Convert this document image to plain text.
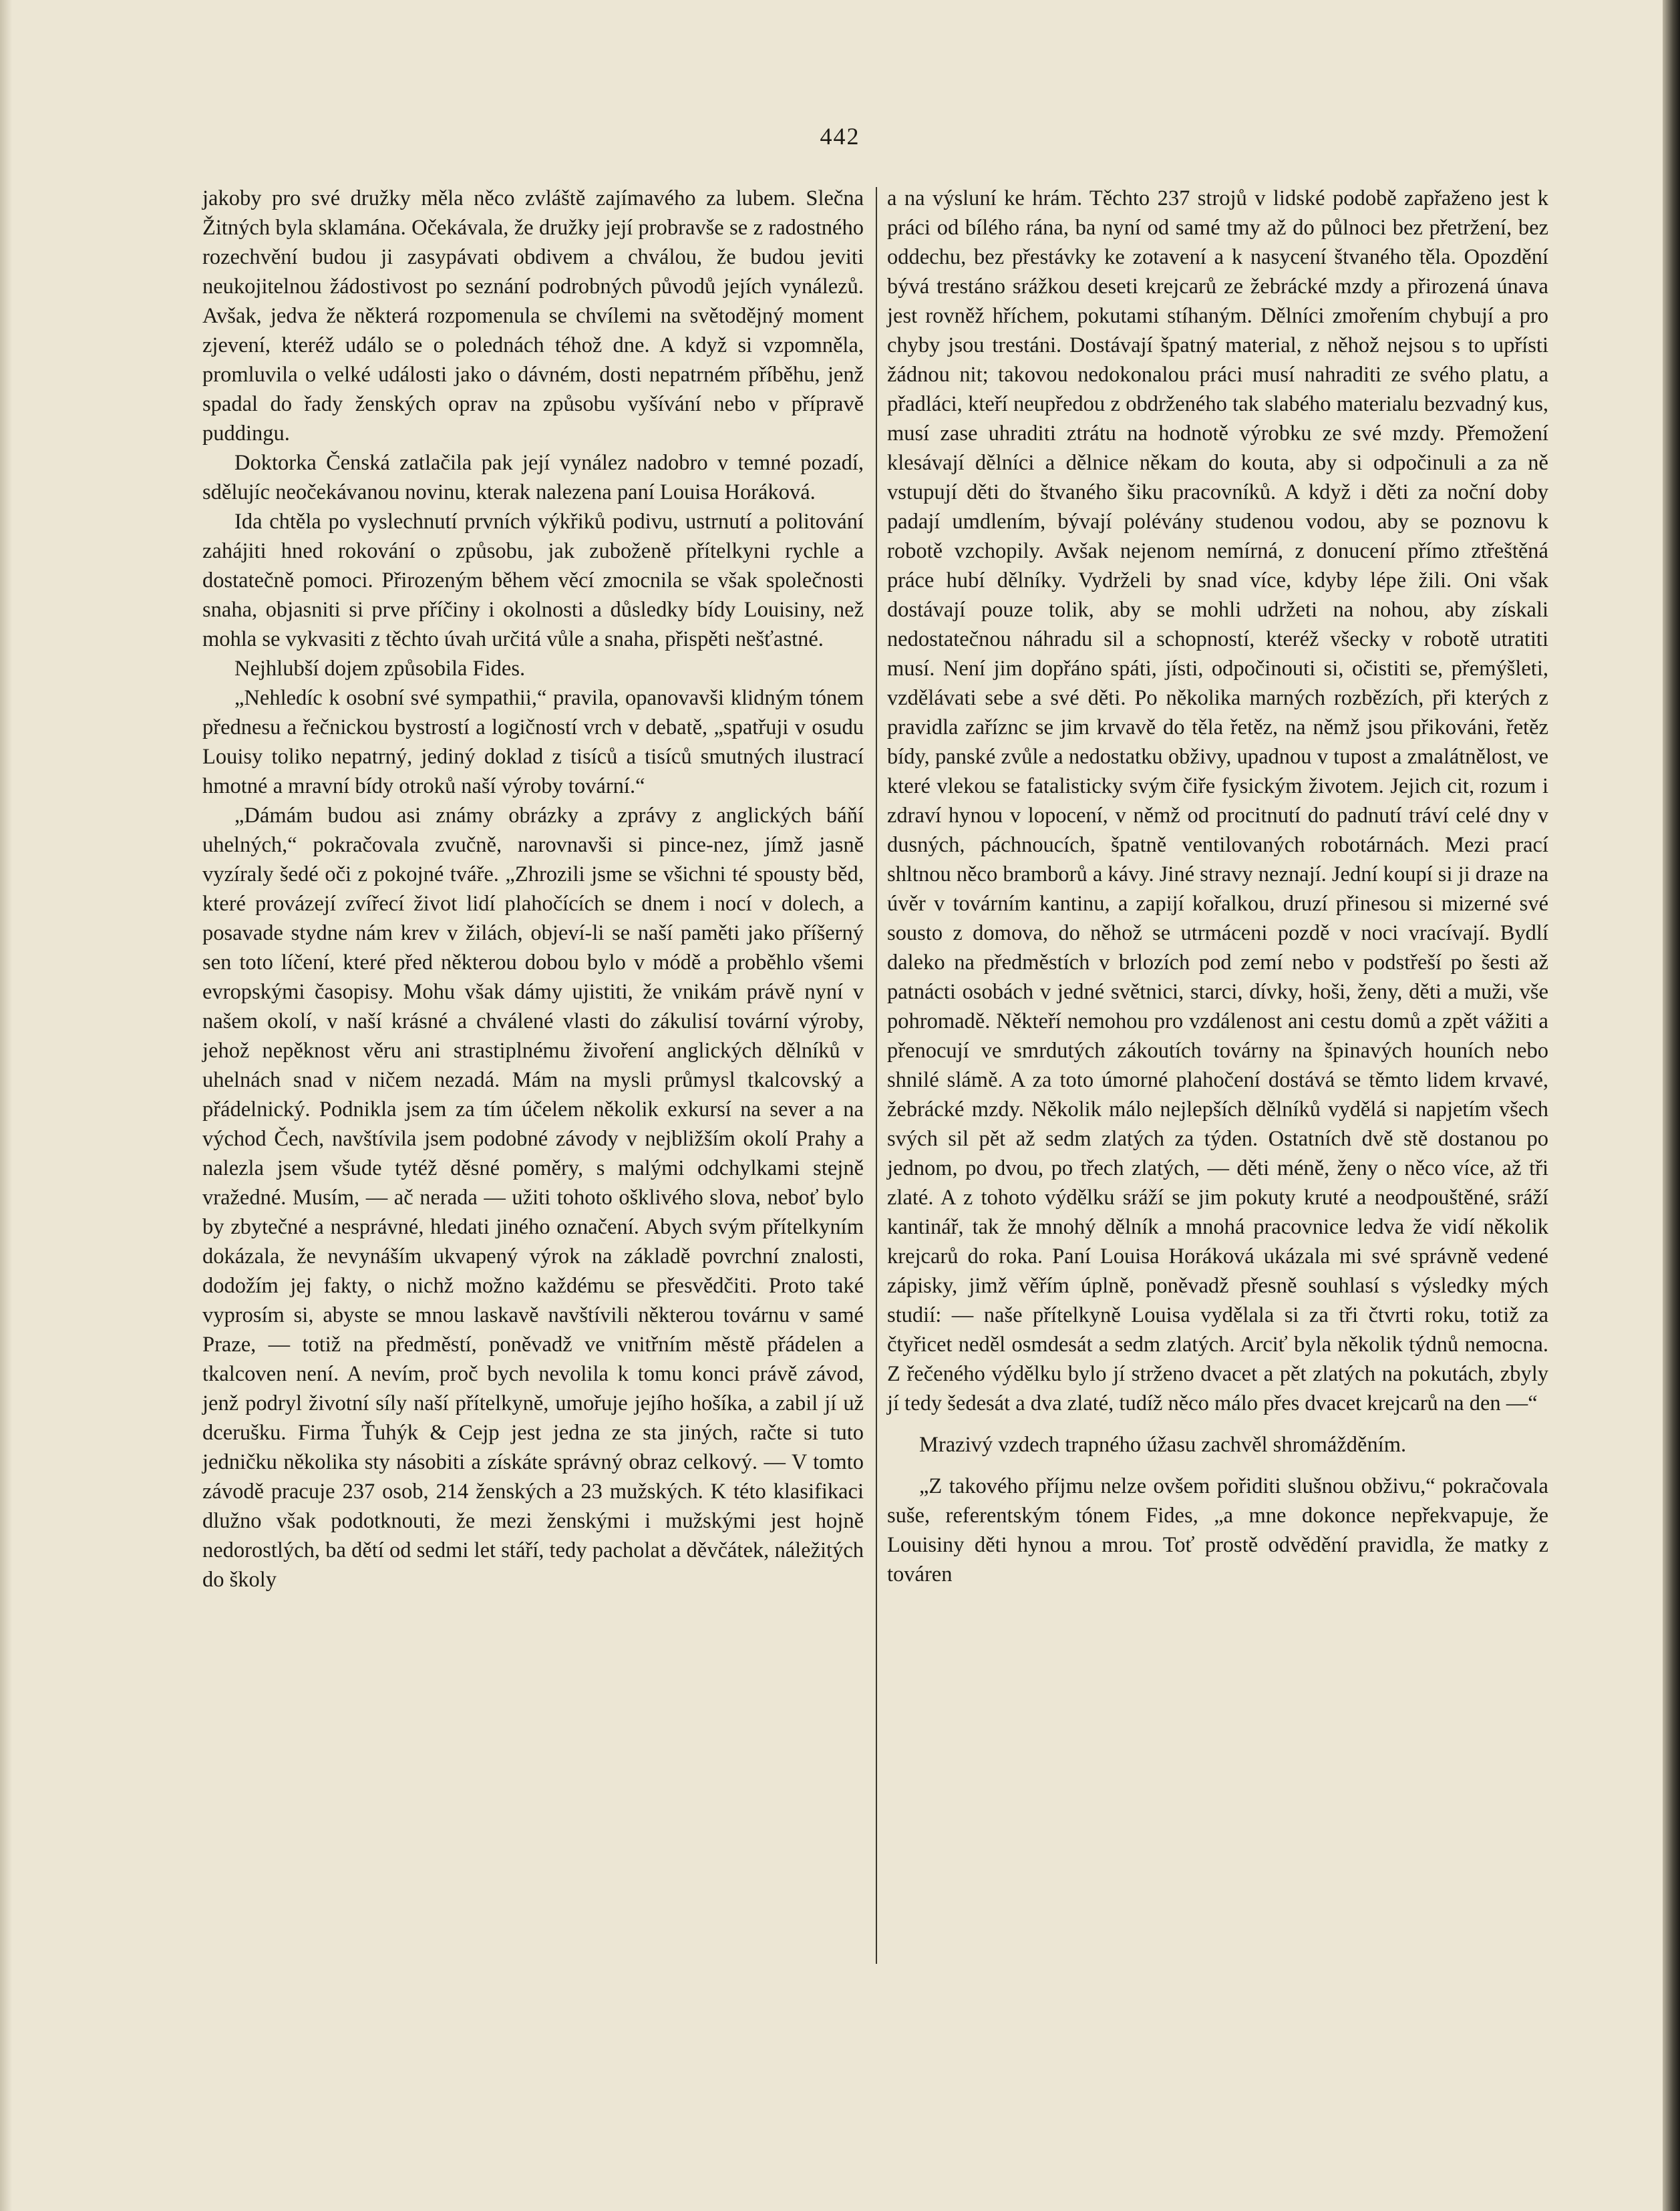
442

jakoby pro své družky měla něco zvláště zajímavého za lubem. Slečna Žitných byla sklamána. Očekávala, že družky její probravše se z radostného rozechvění budou ji zasypávati obdivem a chválou, že budou jeviti neukojitelnou žádostivost po seznání podrobných původů jejích vynálezů. Avšak, jedva že některá rozpomenula se chvílemi na světodějný moment zjevení, kteréž událo se o polednách téhož dne. A když si vzpomněla, promluvila o velké události jako o dávném, dosti nepatrném příběhu, jenž spadal do řady ženských oprav na způsobu vyšívání nebo v přípravě puddingu.

Doktorka Čenská zatlačila pak její vynález nadobro v temné pozadí, sdělujíc neočekávanou novinu, kterak nalezena paní Louisa Horáková.

Ida chtěla po vyslechnutí prvních výkřiků podivu, ustrnutí a politování zahájiti hned rokování o způsobu, jak zuboženě přítelkyni rychle a dostatečně pomoci. Přirozeným během věcí zmocnila se však společnosti snaha, objasniti si prve příčiny i okolnosti a důsledky bídy Louisiny, než mohla se vykvasiti z těchto úvah určitá vůle a snaha, přispěti nešťastné.

Nejhlubší dojem způsobila Fides.

„Nehledíc k osobní své sympathii,“ pravila, opanovavši klidným tónem přednesu a řečnickou bystrostí a logičností vrch v debatě, „spatřuji v osudu Louisy toliko nepatrný, jediný doklad z tisíců a tisíců smutných ilustrací hmotné a mravní bídy otroků naší výroby tovární.“

„Dámám budou asi známy obrázky a zprávy z anglických báňí uhelných,“ pokračovala zvučně, narovnavši si pince-nez, jímž jasně vyzíraly šedé oči z pokojné tváře. „Zhrozili jsme se všichni té spousty běd, které provázejí zvířecí život lidí plahočících se dnem i nocí v dolech, a posavade stydne nám krev v žilách, objeví-li se naší paměti jako příšerný sen toto líčení, které před některou dobou bylo v módě a proběhlo všemi evropskými časopisy. Mohu však dámy ujistiti, že vnikám právě nyní v našem okolí, v naší krásné a chválené vlasti do zákulisí tovární výroby, jehož nepěknost věru ani strastiplnému živoření anglických dělníků v uhelnách snad v ničem nezadá. Mám na mysli průmysl tkalcovský a přádelnický. Podnikla jsem za tím účelem několik exkursí na sever a na východ Čech, navštívila jsem podobné závody v nejbližším okolí Prahy a nalezla jsem všude tytéž děsné poměry, s malými odchylkami stejně vražedné. Musím, — ač nerada — užiti tohoto ošklivého slova, neboť bylo by zbytečné a nesprávné, hledati jiného označení. Abych svým přítelkyním dokázala, že nevynáším ukvapený výrok na základě povrchní znalosti, dodožím jej fakty, o nichž možno každému se přesvědčiti. Proto také vyprosím si, abyste se mnou laskavě navštívili některou továrnu v samé Praze, — totiž na předměstí, poněvadž ve vnitřním městě přádelen a tkalcoven není. A nevím, proč bych nevolila k tomu konci právě závod, jenž podryl životní síly naší přítelkyně, umořuje jejího hošíka, a zabil jí už dcerušku. Firma Ťuhýk & Cejp jest jedna ze sta jiných, račte si tuto jedničku několika sty násobiti a získáte správný obraz celkový. — V tomto závodě pracuje 237 osob, 214 ženských a 23 mužských. K této klasifikaci dlužno však podotknouti, že mezi ženskými i mužskými jest hojně nedorostlých, ba dětí od sedmi let stáří, tedy pacholat a děvčátek, náležitých do školy

a na výsluní ke hrám. Těchto 237 strojů v lidské podobě zapřaženo jest k práci od bílého rána, ba nyní od samé tmy až do půlnoci bez přetržení, bez oddechu, bez přestávky ke zotavení a k nasycení štvaného těla. Opozdění bývá trestáno srážkou deseti krejcarů ze žebrácké mzdy a přirozená únava jest rovněž hříchem, pokutami stíhaným. Dělníci zmořením chybují a pro chyby jsou trestáni. Dostávají špatný material, z něhož nejsou s to upřísti žádnou nit; takovou nedokonalou práci musí nahraditi ze svého platu, a přadláci, kteří neupředou z obdrženého tak slabého materialu bezvadný kus, musí zase uhraditi ztrátu na hodnotě výrobku ze své mzdy. Přemožení klesávají dělníci a dělnice někam do kouta, aby si odpočinuli a za ně vstupují děti do štvaného šiku pracovníků. A když i děti za noční doby padají umdlením, bývají polévány studenou vodou, aby se poznovu k robotě vzchopily. Avšak nejenom nemírná, z donucení přímo ztřeštěná práce hubí dělníky. Vydrželi by snad více, kdyby lépe žili. Oni však dostávají pouze tolik, aby se mohli udržeti na nohou, aby získali nedostatečnou náhradu sil a schopností, kteréž všecky v robotě utratiti musí. Není jim dopřáno spáti, jísti, odpočinouti si, očistiti se, přemýšleti, vzdělávati sebe a své děti. Po několika marných rozbězích, při kterých z pravidla zaříznc se jim krvavě do těla řetěz, na němž jsou přikováni, řetěz bídy, panské zvůle a nedostatku obživy, upadnou v tupost a zmalátnělost, ve které vlekou se fatalisticky svým čiře fysickým životem. Jejich cit, rozum i zdraví hynou v lopocení, v němž od procitnutí do padnutí tráví celé dny v dusných, páchnoucích, špatně ventilovaných robotárnách. Mezi prací shltnou něco bramborů a kávy. Jiné stravy neznají. Jední koupí si ji draze na úvěr v továrním kantinu, a zapijí kořalkou, druzí přinesou si mizerné své sousto z domova, do něhož se utrmáceni pozdě v noci vracívají. Bydlí daleko na předměstích v brlozích pod zemí nebo v podstřeší po šesti až patnácti osobách v jedné světnici, starci, dívky, hoši, ženy, děti a muži, vše pohromadě. Někteří nemohou pro vzdálenost ani cestu domů a zpět vážiti a přenocují ve smrdutých zákoutích továrny na špinavých houních nebo shnilé slámě. A za toto úmorné plahočení dostává se těmto lidem krvavé, žebrácké mzdy. Několik málo nejlepších dělníků vydělá si napjetím všech svých sil pět až sedm zlatých za týden. Ostatních dvě stě dostanou po jednom, po dvou, po třech zlatých, — děti méně, ženy o něco více, až tři zlaté. A z tohoto výdělku sráží se jim pokuty kruté a neodpouštěné, sráží kantinář, tak že mnohý dělník a mnohá pracovnice ledva že vidí několik krejcarů do roka. Paní Louisa Horáková ukázala mi své správně vedené zápisky, jimž věřím úplně, poněvadž přesně souhlasí s výsledky mých studií: — naše přítelkyně Louisa vydělala si za tři čtvrti roku, totiž za čtyřicet neděl osmdesát a sedm zlatých. Arciť byla několik týdnů nemocna. Z řečeného výdělku bylo jí strženo dvacet a pět zlatých na pokutách, zbyly jí tedy šedesát a dva zlaté, tudíž něco málo přes dvacet krejcarů na den —“

Mrazivý vzdech trapného úžasu zachvěl shromážděním.

„Z takového příjmu nelze ovšem pořiditi slušnou obživu,“ pokračovala suše, referentským tónem Fides, „a mne dokonce nepřekvapuje, že Louisiny děti hynou a mrou. Toť prostě odvědění pravidla, že matky z továren
